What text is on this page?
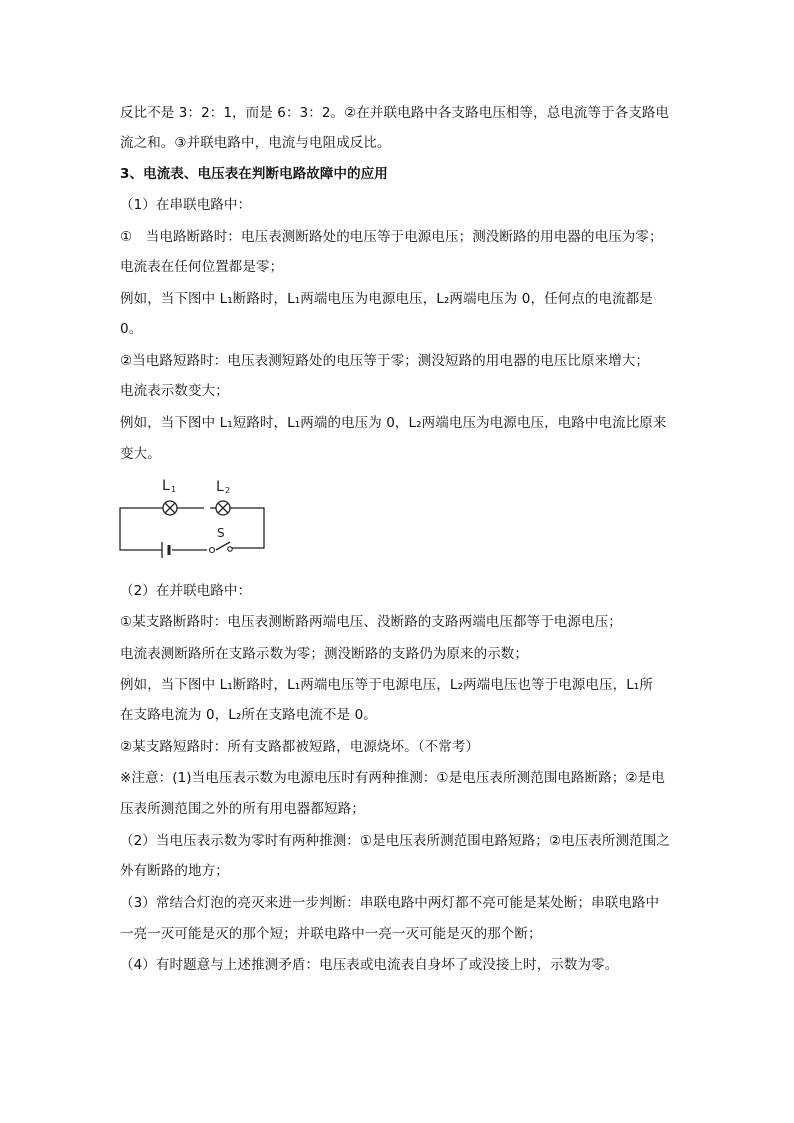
反比不是 3：2：1，而是 6：3：2。②在并联电路中各支路电压相等，总电流等于各支路电
流之和。③并联电路中，电流与电阻成反比。
3、电流表、电压表在判断电路故障中的应用
（1）在串联电路中：
①　当电路断路时：电压表测断路处的电压等于电源电压；测没断路的用电器的电压为零；
电流表在任何位置都是零；
例如，当下图中 L₁断路时，L₁两端电压为电源电压，L₂两端电压为 0，任何点的电流都是
0。
②当电路短路时：电压表测短路处的电压等于零；测没短路的用电器的电压比原来增大；
电流表示数变大；
例如，当下图中 L₁短路时，L₁两端的电压为 0，L₂两端电压为电源电压，电路中电流比原来
变大。
L 1	L 2
S
（2）在并联电路中：
①某支路断路时：电压表测断路两端电压、没断路的支路两端电压都等于电源电压；
电流表测断路所在支路示数为零；测没断路的支路仍为原来的示数；
例如，当下图中 L₁断路时，L₁两端电压等于电源电压，L₂两端电压也等于电源电压，L₁所
在支路电流为 0，L₂所在支路电流不是 0。
②某支路短路时：所有支路都被短路，电源烧坏。（不常考）
※注意：(1)当电压表示数为电源电压时有两种推测：①是电压表所测范围电路断路；②是电
压表所测范围之外的所有用电器都短路；
（2）当电压表示数为零时有两种推测：①是电压表所测范围电路短路；②电压表所测范围之
外有断路的地方；
（3）常结合灯泡的亮灭来进一步判断：串联电路中两灯都不亮可能是某处断；串联电路中
一亮一灭可能是灭的那个短；并联电路中一亮一灭可能是灭的那个断；
（4）有时题意与上述推测矛盾：电压表或电流表自身坏了或没接上时，示数为零。
